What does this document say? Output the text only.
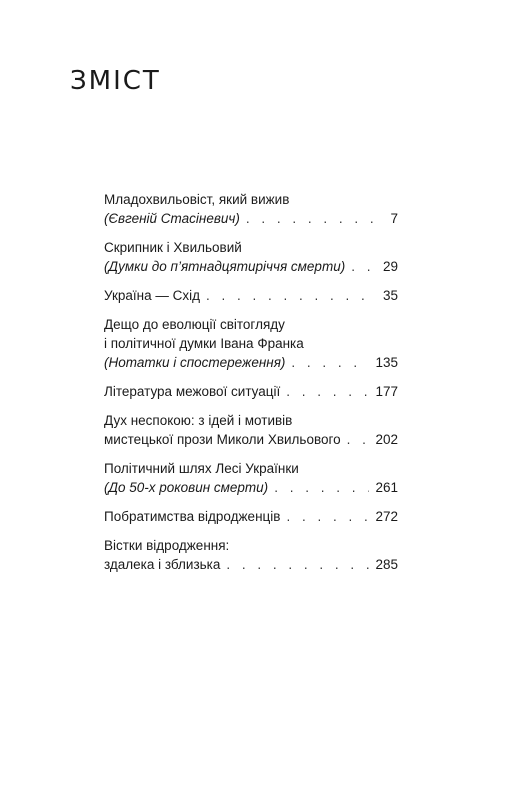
ЗМІСТ
Младохвильовіст, який вижив
(Євгеній Стасіневич) . . .	7
Скрипник і Хвильовий
(Думки до п’ятнадцятиріччя смерти) . . .	29
Україна — Схід . . .	35
Дещо до еволюції світогляду
і політичної думки Івана Франка
(Нотатки і спостереження) . . .	135
Література межової ситуації . . .	177
Дух неспокою: з ідей і мотивів
мистецької прози Миколи Хвильового . . .	202
Політичний шлях Лесі Українки
(До 50-х роковин смерти) . . .	261
Побратимства відродженців . . .	272
Вістки відродження:
здалека і зблизька . . .	285
